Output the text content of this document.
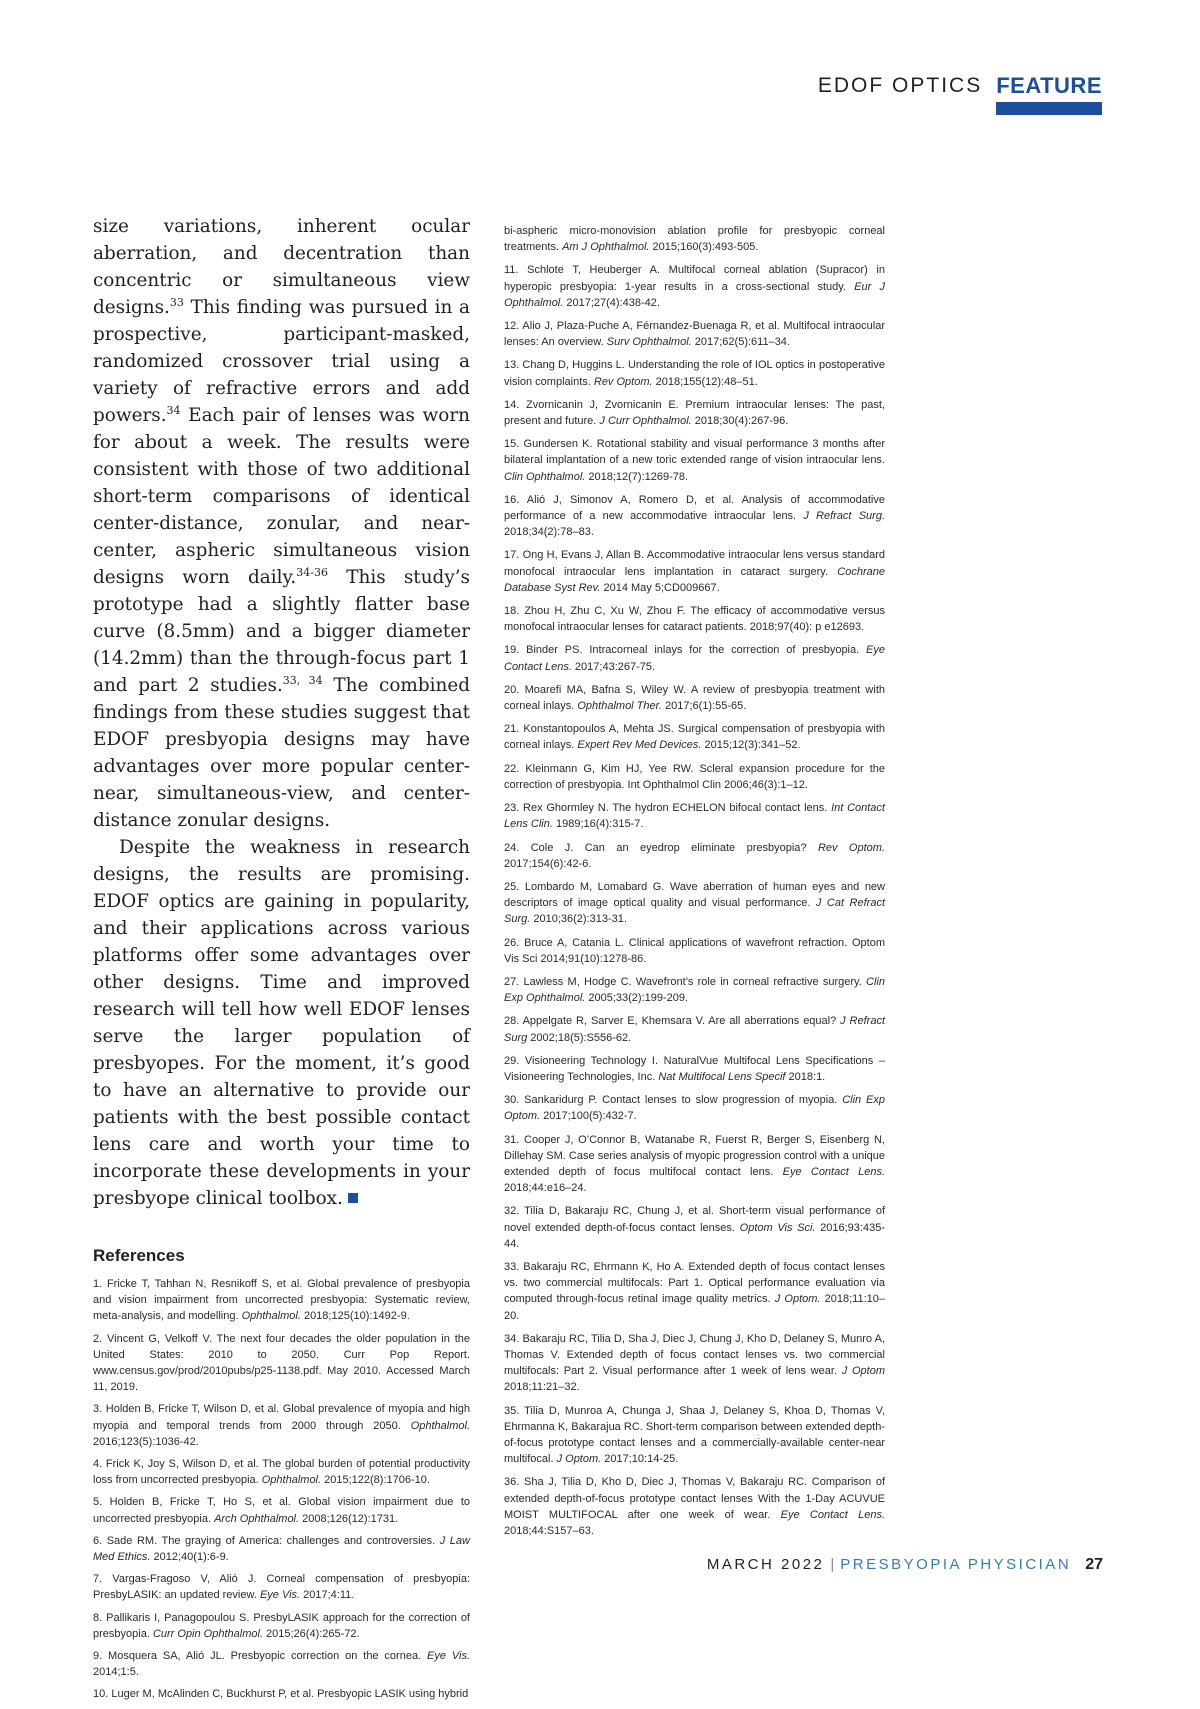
EDOF OPTICS FEATURE

size variations, inherent ocular aberration, and decentration than concentric or simultaneous view designs.$^{33}$ This finding was pursued in a prospective, participant-masked, randomized crossover trial using a variety of refractive errors and add powers.$^{34}$ Each pair of lenses was worn for about a week. The results were consistent with those of two additional short-term comparisons of identical center-distance, zonular, and near-center, aspheric simultaneous vision designs worn daily.$^{34-36}$ This study’s prototype had a slightly flatter base curve (8.5mm) and a bigger diameter (14.2mm) than the through-focus part 1 and part 2 studies.$^{33, 34}$ The combined findings from these studies suggest that EDOF presbyopia designs may have advantages over more popular center-near, simultaneous-view, and center-distance zonular designs.

Despite the weakness in research designs, the results are promising. EDOF optics are gaining in popularity, and their applications across various platforms offer some advantages over other designs. Time and improved research will tell how well EDOF lenses serve the larger population of presbyopes. For the moment, it’s good to have an alternative to provide our patients with the best possible contact lens care and worth your time to incorporate these developments in your presbyope clinical toolbox.

References

1. Fricke T, Tahhan N, Resnikoff S, et al. Global prevalence of presbyopia and vision impairment from uncorrected presbyopia: Systematic review, meta-analysis, and modelling. Ophthalmol. 2018;125(10):1492-9.

2. Vincent G, Velkoff V. The next four decades the older population in the United States: 2010 to 2050. Curr Pop Report. www.census.gov/prod/2010pubs/p25-1138.pdf. May 2010. Accessed March 11, 2019.

3. Holden B, Fricke T, Wilson D, et al. Global prevalence of myopia and high myopia and temporal trends from 2000 through 2050. Ophthalmol. 2016;123(5):1036-42.

4. Frick K, Joy S, Wilson D, et al. The global burden of potential productivity loss from uncorrected presbyopia. Ophthalmol. 2015;122(8):1706-10.

5. Holden B, Fricke T, Ho S, et al. Global vision impairment due to uncorrected presbyopia. Arch Ophthalmol. 2008;126(12):1731.

6. Sade RM. The graying of America: challenges and controversies. J Law Med Ethics. 2012;40(1):6-9.

7. Vargas-Fragoso V, Alió J. Corneal compensation of presbyopia: PresbyLASIK: an updated review. Eye Vis. 2017;4:11.

8. Pallikaris I, Panagopoulou S. PresbyLASIK approach for the correction of presbyopia. Curr Opin Ophthalmol. 2015;26(4):265-72.

9. Mosquera SA, Alió JL. Presbyopic correction on the cornea. Eye Vis. 2014;1:5.

10. Luger M, McAlinden C, Buckhurst P, et al. Presbyopic LASIK using hybrid

bi-aspheric micro-monovision ablation profile for presbyopic corneal treatments. Am J Ophthalmol. 2015;160(3):493-505.

11. Schlote T, Heuberger A. Multifocal corneal ablation (Supracor) in hyperopic presbyopia: 1-year results in a cross-sectional study. Eur J Ophthalmol. 2017;27(4):438-42.

12. Alio J, Plaza-Puche A, Férnandez-Buenaga R, et al. Multifocal intraocular lenses: An overview. Surv Ophthalmol. 2017;62(5):611–34.

13. Chang D, Huggins L. Understanding the role of IOL optics in postoperative vision complaints. Rev Optom. 2018;155(12):48–51.

14. Zvornicanin J, Zvornicanin E. Premium intraocular lenses: The past, present and future. J Curr Ophthalmol. 2018;30(4):267-96.

15. Gundersen K. Rotational stability and visual performance 3 months after bilateral implantation of a new toric extended range of vision intraocular lens. Clin Ophthalmol. 2018;12(7):1269-78.

16. Alió J, Simonov A, Romero D, et al. Analysis of accommodative performance of a new accommodative intraocular lens. J Refract Surg. 2018;34(2):78–83.

17. Ong H, Evans J, Allan B. Accommodative intraocular lens versus standard monofocal intraocular lens implantation in cataract surgery. Cochrane Database Syst Rev. 2014 May 5;CD009667.

18. Zhou H, Zhu C, Xu W, Zhou F. The efficacy of accommodative versus monofocal intraocular lenses for cataract patients. 2018;97(40): p e12693.

19. Binder PS. Intracorneal inlays for the correction of presbyopia. Eye Contact Lens. 2017;43:267-75.

20. Moarefi MA, Bafna S, Wiley W. A review of presbyopia treatment with corneal inlays. Ophthalmol Ther. 2017;6(1):55-65.

21. Konstantopoulos A, Mehta JS. Surgical compensation of presbyopia with corneal inlays. Expert Rev Med Devices. 2015;12(3):341–52.

22. Kleinmann G, Kim HJ, Yee RW. Scleral expansion procedure for the correction of presbyopia. Int Ophthalmol Clin 2006;46(3):1–12.

23. Rex Ghormley N. The hydron ECHELON bifocal contact lens. Int Contact Lens Clin. 1989;16(4):315-7.

24. Cole J. Can an eyedrop eliminate presbyopia? Rev Optom. 2017;154(6):42-6.

25. Lombardo M, Lomabard G. Wave aberration of human eyes and new descriptors of image optical quality and visual performance. J Cat Refract Surg. 2010;36(2):313-31.

26. Bruce A, Catania L. Clinical applications of wavefront refraction. Optom Vis Sci 2014;91(10):1278-86.

27. Lawless M, Hodge C. Wavefront’s role in corneal refractive surgery. Clin Exp Ophthalmol. 2005;33(2):199-209.

28. Appelgate R, Sarver E, Khemsara V. Are all aberrations equal? J Refract Surg 2002;18(5):S556-62.

29. Visioneering Technology I. NaturalVue Multifocal Lens Specifications – Visioneering Technologies, Inc. Nat Multifocal Lens Specif 2018:1.

30. Sankaridurg P. Contact lenses to slow progression of myopia. Clin Exp Optom. 2017;100(5):432-7.

31. Cooper J, O’Connor B, Watanabe R, Fuerst R, Berger S, Eisenberg N, Dillehay SM. Case series analysis of myopic progression control with a unique extended depth of focus multifocal contact lens. Eye Contact Lens. 2018;44:e16–24.

32. Tilia D, Bakaraju RC, Chung J, et al. Short-term visual performance of novel extended depth-of-focus contact lenses. Optom Vis Sci. 2016;93:435-44.

33. Bakaraju RC, Ehrmann K, Ho A. Extended depth of focus contact lenses vs. two commercial multifocals: Part 1. Optical performance evaluation via computed through-focus retinal image quality metrics. J Optom. 2018;11:10–20.

34. Bakaraju RC, Tilia D, Sha J, Diec J, Chung J, Kho D, Delaney S, Munro A, Thomas V. Extended depth of focus contact lenses vs. two commercial multifocals: Part 2. Visual performance after 1 week of lens wear. J Optom 2018;11:21–32.

35. Tilia D, Munroa A, Chunga J, Shaa J, Delaney S, Khoa D, Thomas V, Ehrmanna K, Bakarajua RC. Short-term comparison between extended depth-of-focus prototype contact lenses and a commercially-available center-near multifocal. J Optom. 2017;10:14-25.

36. Sha J, Tilia D, Kho D, Diec J, Thomas V, Bakaraju RC. Comparison of extended depth-of-focus prototype contact lenses With the 1-Day ACUVUE MOIST MULTIFOCAL after one week of wear. Eye Contact Lens. 2018;44:S157–63.

MARCH 2022 | PRESBYOPIA PHYSICIAN 27
